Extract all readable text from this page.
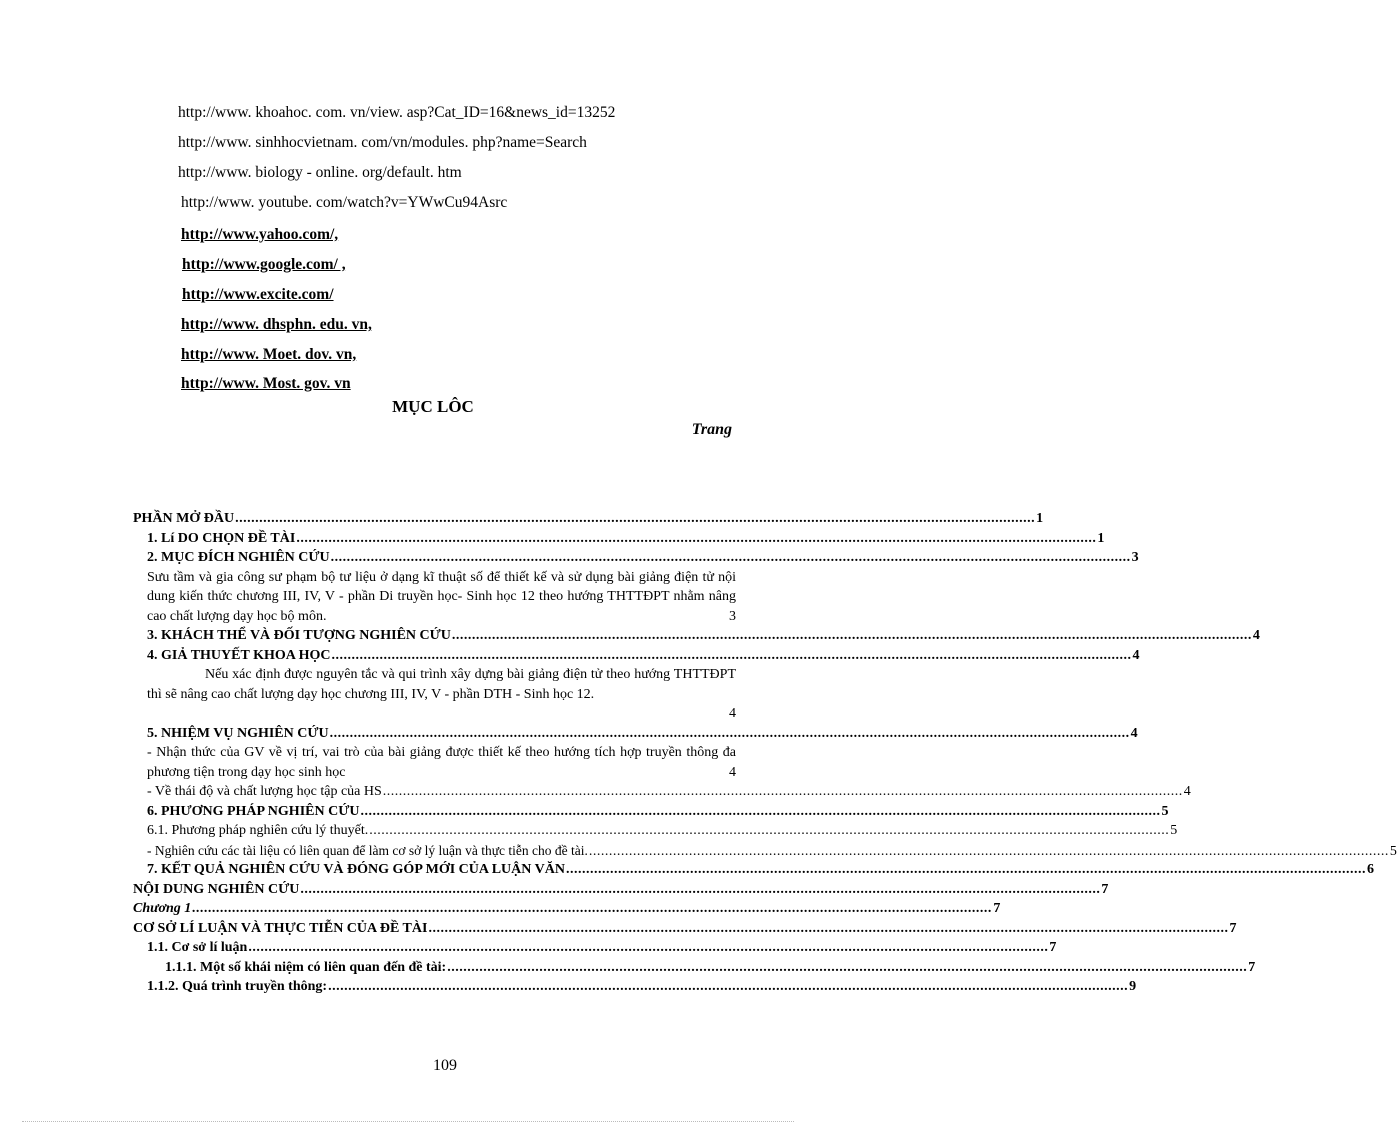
http://www. khoahoc. com. vn/view. asp?Cat_ID=16&news_id=13252
http://www. sinhhocvietnam. com/vn/modules. php?name=Search
http://www. biology - online. org/default. htm
http://www. youtube. com/watch?v=YWwCu94Asrc
http://www.yahoo.com/,
http://www.google.com/ ,
http://www.excite.com/
http://www. dhsphn. edu. vn,
http://www. Moet. dov. vn,
http://www. Most. gov. vn
MỤC LÔC
Trang
PHẦN MỞ ĐẦU ........................................................................................................................................................................................................ 1
1. Lí DO CHỌN ĐỀ TÀI ........................................................................................................................................................................................................ 1
2. MỤC ĐÍCH NGHIÊN CỨU ........................................................................................................................................................................................................ 3
Sưu tầm và gia công sư phạm bộ tư liệu ở dạng kĩ thuật số để thiết kế và sử dụng bài giảng điện tử nội dung kiến thức chương III, IV, V - phần Di truyền học- Sinh học 12 theo hướng THTTĐPT nhằm nâng cao chất lượng dạy học bộ môn.	3
3. KHÁCH THỂ VÀ ĐỐI TƯỢNG NGHIÊN CỨU ........................................................................................................................................................................................................ 4
4. GIẢ THUYẾT KHOA HỌC ........................................................................................................................................................................................................ 4
Nếu xác định được nguyên tắc và qui trình xây dựng bài giảng điện tử theo hướng THTTĐPT thì sẽ nâng cao chất lượng dạy học chương III, IV, V - phần DTH - Sinh học 12.
4
5. NHIỆM VỤ NGHIÊN CỨU ........................................................................................................................................................................................................ 4
- Nhận thức của GV về vị trí, vai trò của bài giảng được thiết kế theo hướng tích hợp truyền thông đa phương tiện trong dạy học sinh học	4
- Về thái độ và chất lượng học tập của HS ........................................................................................................................................................................................................ 4
6. PHƯƠNG PHÁP NGHIÊN CỨU ........................................................................................................................................................................................................ 5
6.1. Phương pháp nghiên cứu lý thuyết. ........................................................................................................................................................................................................ 5
- Nghiên cứu các tài liệu có liên quan để làm cơ sở lý luận và thực tiễn cho đề tài. ........................................................................................................................................................................................................ 5
7. KẾT QUẢ NGHIÊN CỨU VÀ ĐÓNG GÓP MỚI CỦA LUẬN VĂN ........................................................................................................................................................................................................ 6
NỘI DUNG NGHIÊN CỨU ........................................................................................................................................................................................................ 7
Chương 1 ........................................................................................................................................................................................................ 7
CƠ SỞ LÍ LUẬN VÀ THỰC TIỄN CỦA ĐỀ TÀI ........................................................................................................................................................................................................ 7
1.1. Cơ sở lí luận ........................................................................................................................................................................................................ 7
1.1.1. Một số khái niệm có liên quan đến đề tài: ........................................................................................................................................................................................................ 7
1.1.2. Quá trình truyền thông: ........................................................................................................................................................................................................ 9
109
